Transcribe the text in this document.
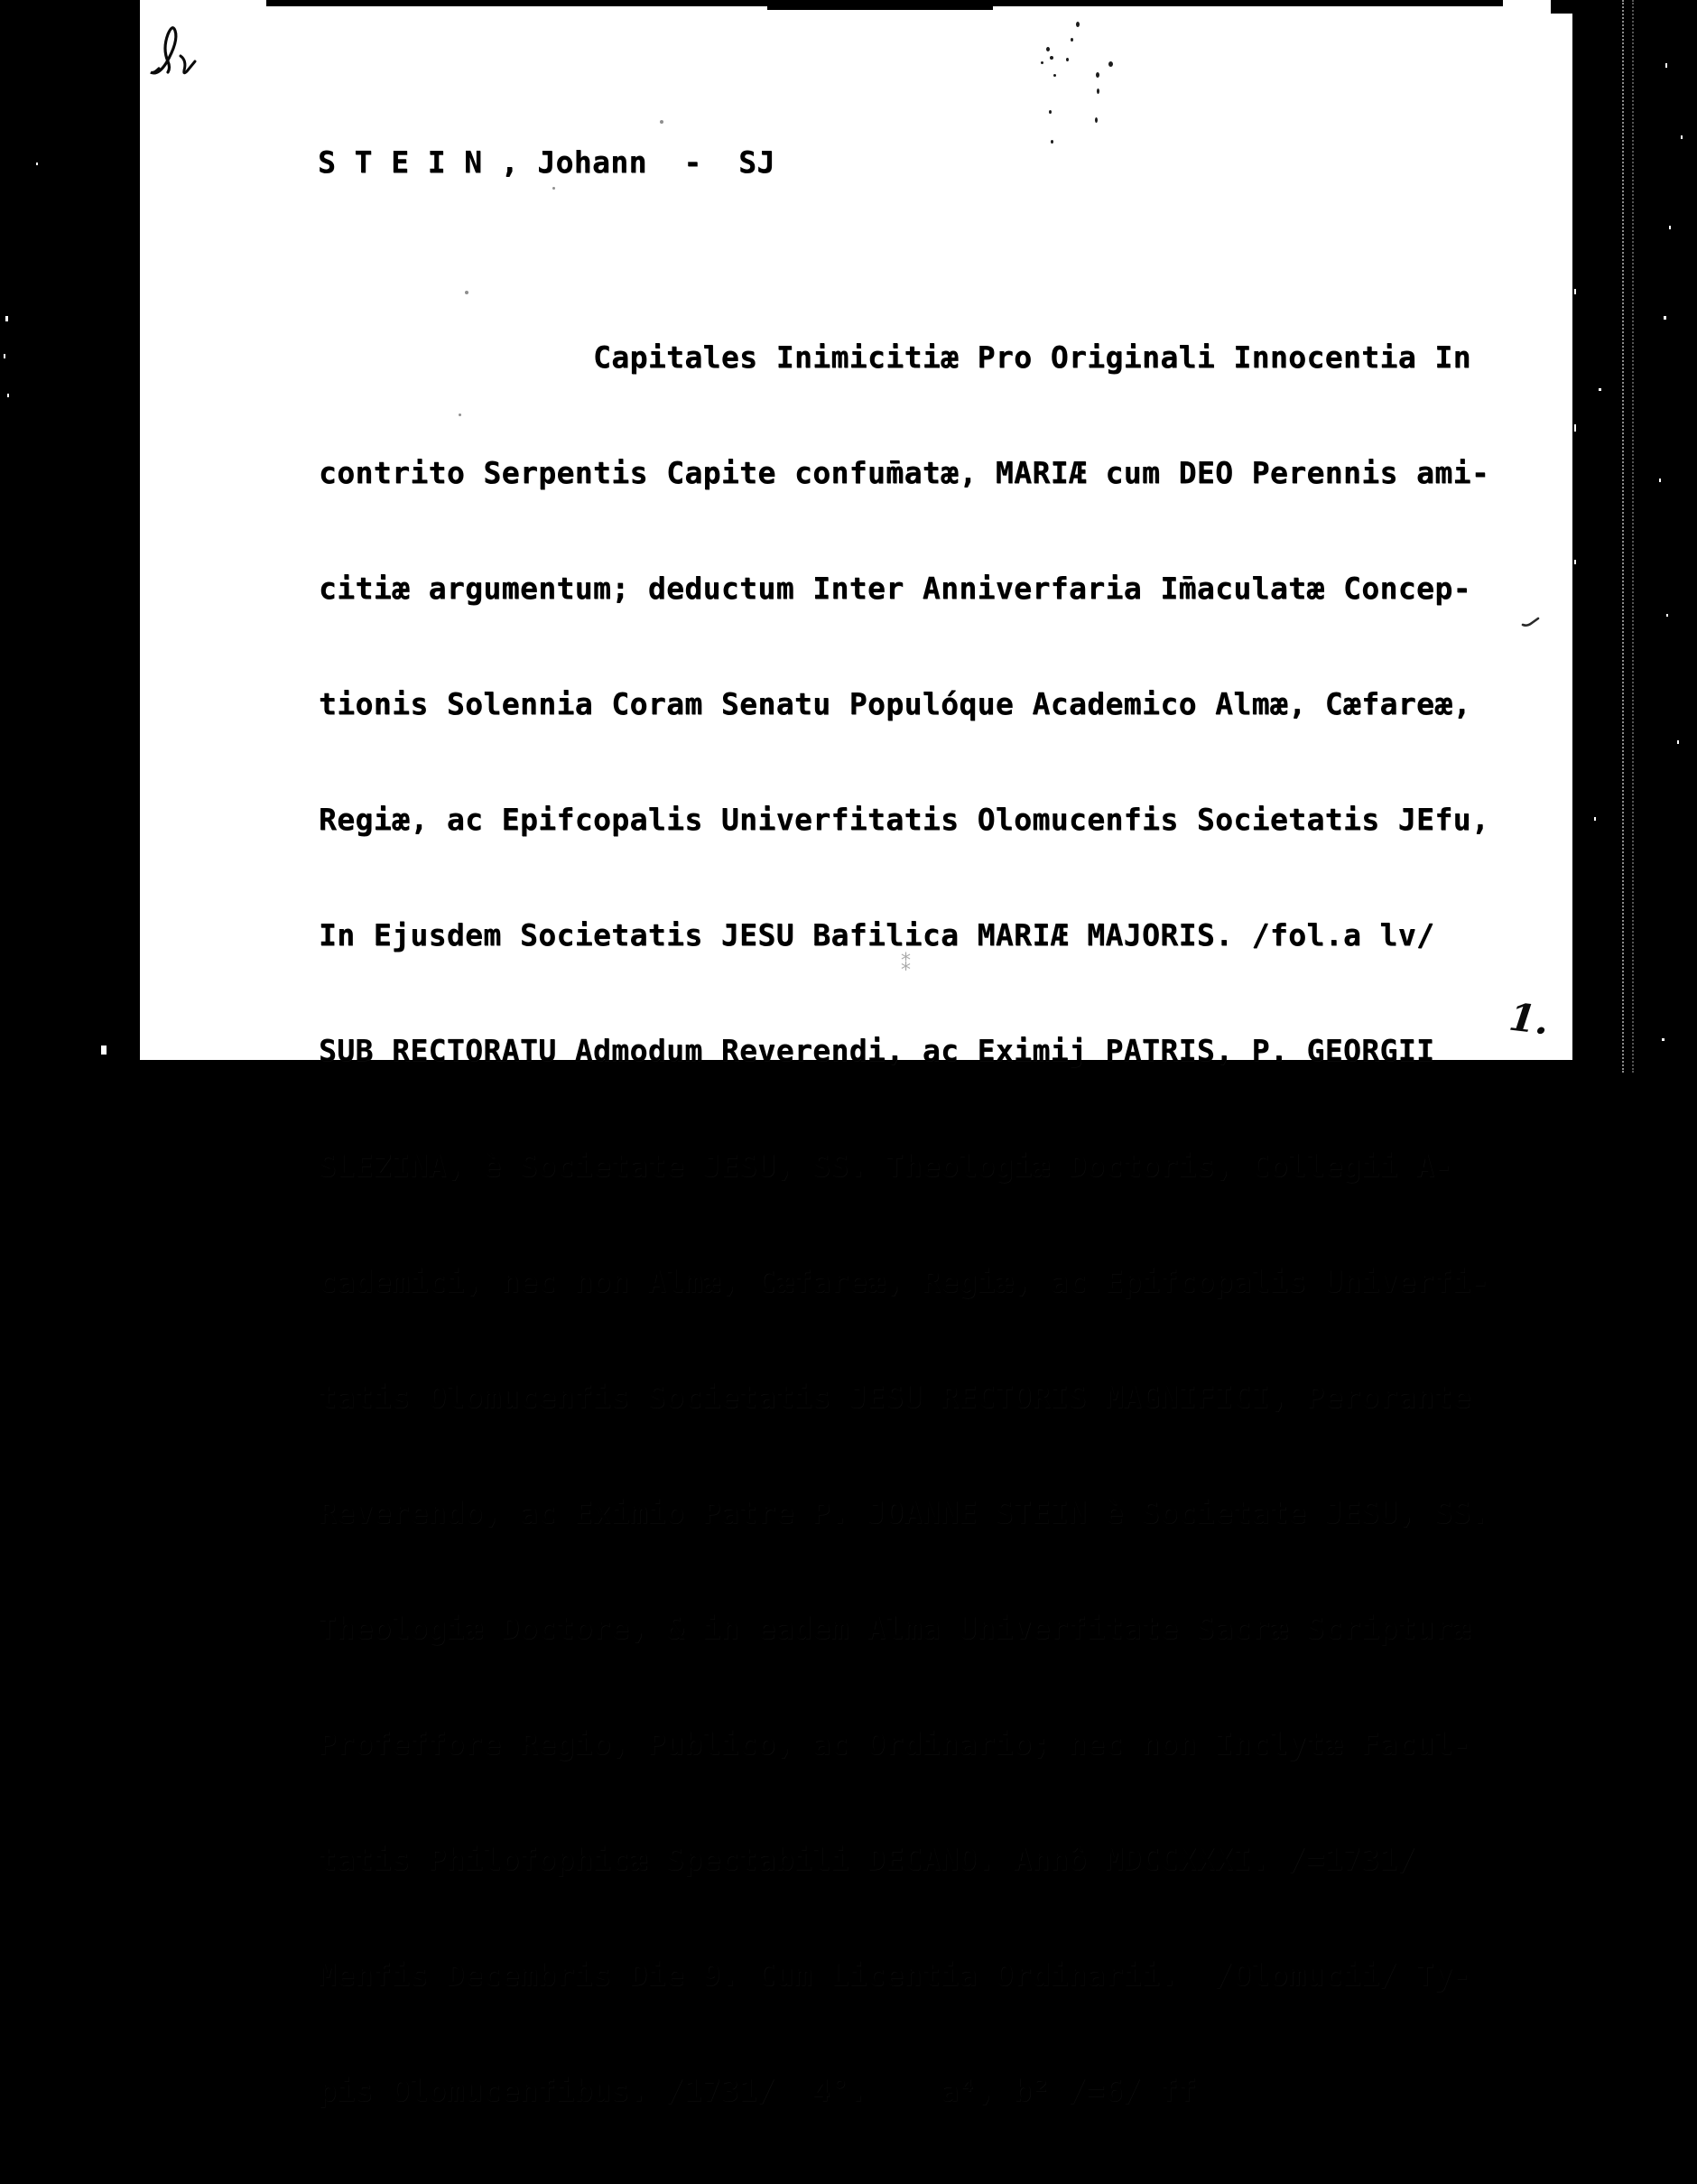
S T E I N , Johann  -  SJ

Capitales Inimicitiæ Pro Originali Innocentia In

contrito Serpentis Capite confum̄atæ, MARIÆ cum DEO Perennis ami-

citiæ argumentum; deductum Inter Anniverfaria Im̄aculatæ Concep-

tionis Solennia Coram Senatu Populóque Academico Almæ, Cæfareæ,

Regiæ, ac Epifcopalis Univerfitatis Olomucenfis Societatis JEfu,

In Ejusdem Societatis JESU Bafilica MARIÆ MAJORIS. /fol.a lv/

SUB RECTORATU Admodum Reverendi, ac Eximij PATRIS, P. GEORGII

SLEZINA, è Societate JESU, SS. Theologiæ Doctoris, Collegii A-

cademici, nec non Almæ, Cæfareæ, Regiæ, ac Epifcopalis Univerfi-

tatis Olomucenfis Societatis JESU RECTORIS MAGNIFICI, Perorante

Reverendo, ac Eximio Patre P. JOANNE STEIN è Societate JESU, SS.

Theologiæ Doctore, & in eadem Alma Univerfitate Sacræ Scripturæ

Profeffore Regio, Publico, ac Ordinario; nec non Inclytæ Facul-

tatis Philofophicæ Spectabili DECANO. Annô MDCCXXXI. /=1731/

Menfis Decembris Die 9. Cum Licentia Ordinarii.  /Olomucii/ Ty-

pis Olomucenfibus. /1731/  4°.    a⁴, b² /=6/ ff

⁑
1.
